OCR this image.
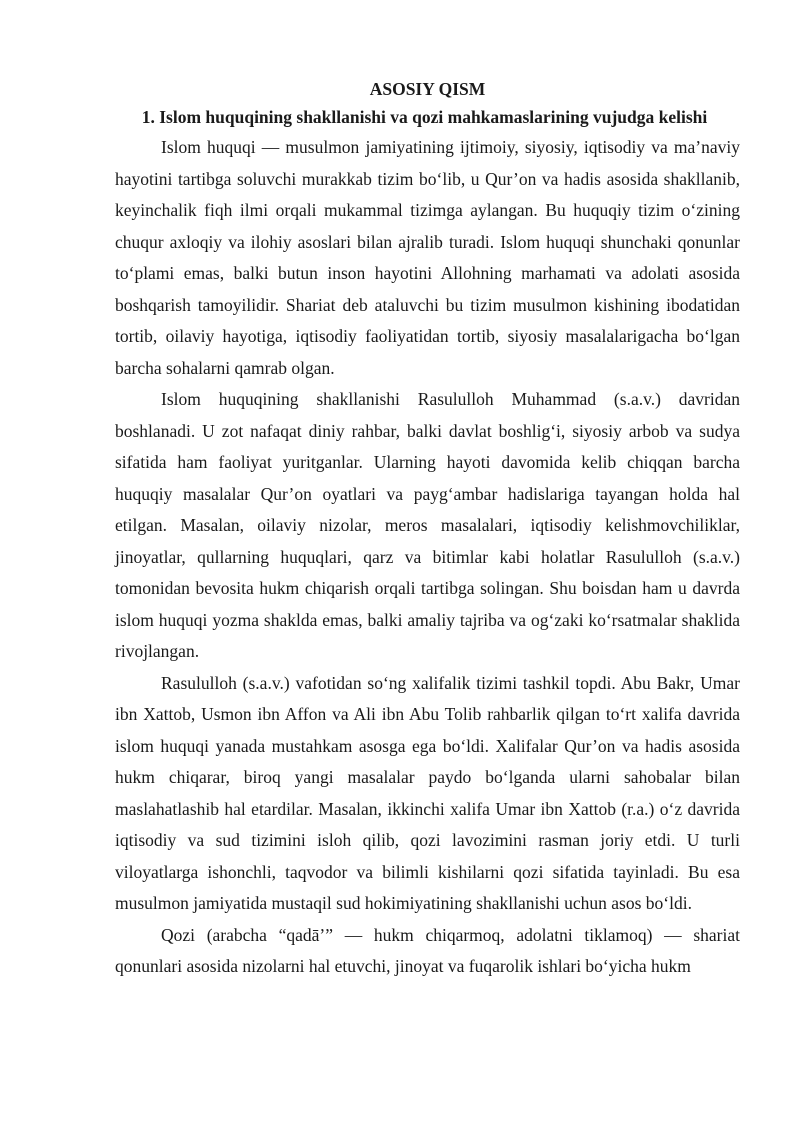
ASOSIY QISM
1. Islom huquqining shakllanishi va qozi mahkamaslarining vujudga kelishi

Islom huquqi — musulmon jamiyatining ijtimoiy, siyosiy, iqtisodiy va ma’naviy hayotini tartibga soluvchi murakkab tizim bo‘lib, u Qur’on va hadis asosida shakllanib, keyinchalik fiqh ilmi orqali mukammal tizimga aylangan. Bu huquqiy tizim o‘zining chuqur axloqiy va ilohiy asoslari bilan ajralib turadi. Islom huquqi shunchaki qonunlar to‘plami emas, balki butun inson hayotini Allohning marhamati va adolati asosida boshqarish tamoyilidir. Shariat deb ataluvchi bu tizim musulmon kishining ibodatidan tortib, oilaviy hayotiga, iqtisodiy faoliyatidan tortib, siyosiy masalalarigacha bo‘lgan barcha sohalarni qamrab olgan.

Islom huquqining shakllanishi Rasululloh Muhammad (s.a.v.) davridan boshlanadi. U zot nafaqat diniy rahbar, balki davlat boshlig‘i, siyosiy arbob va sudya sifatida ham faoliyat yuritganlar. Ularning hayoti davomida kelib chiqqan barcha huquqiy masalalar Qur’on oyatlari va payg‘ambar hadislariga tayangan holda hal etilgan. Masalan, oilaviy nizolar, meros masalalari, iqtisodiy kelishmovchiliklar, jinoyatlar, qullarning huquqlari, qarz va bitimlar kabi holatlar Rasululloh (s.a.v.) tomonidan bevosita hukm chiqarish orqali tartibga solingan. Shu boisdan ham u davrda islom huquqi yozma shaklda emas, balki amaliy tajriba va og‘zaki ko‘rsatmalar shaklida rivojlangan.

Rasululloh (s.a.v.) vafotidan so‘ng xalifalik tizimi tashkil topdi. Abu Bakr, Umar ibn Xattob, Usmon ibn Affon va Ali ibn Abu Tolib rahbarlik qilgan to‘rt xalifa davrida islom huquqi yanada mustahkam asosga ega bo‘ldi. Xalifalar Qur’on va hadis asosida hukm chiqarar, biroq yangi masalalar paydo bo‘lganda ularni sahobalar bilan maslahatlashib hal etardilar. Masalan, ikkinchi xalifa Umar ibn Xattob (r.a.) o‘z davrida iqtisodiy va sud tizimini isloh qilib, qozi lavozimini rasman joriy etdi. U turli viloyatlarga ishonchli, taqvodor va bilimli kishilarni qozi sifatida tayinladi. Bu esa musulmon jamiyatida mustaqil sud hokimiyatining shakllanishi uchun asos bo‘ldi.

Qozi (arabcha “qadā’” — hukm chiqarmoq, adolatni tiklamoq) — shariat qonunlari asosida nizolarni hal etuvchi, jinoyat va fuqarolik ishlari bo‘yicha hukm
